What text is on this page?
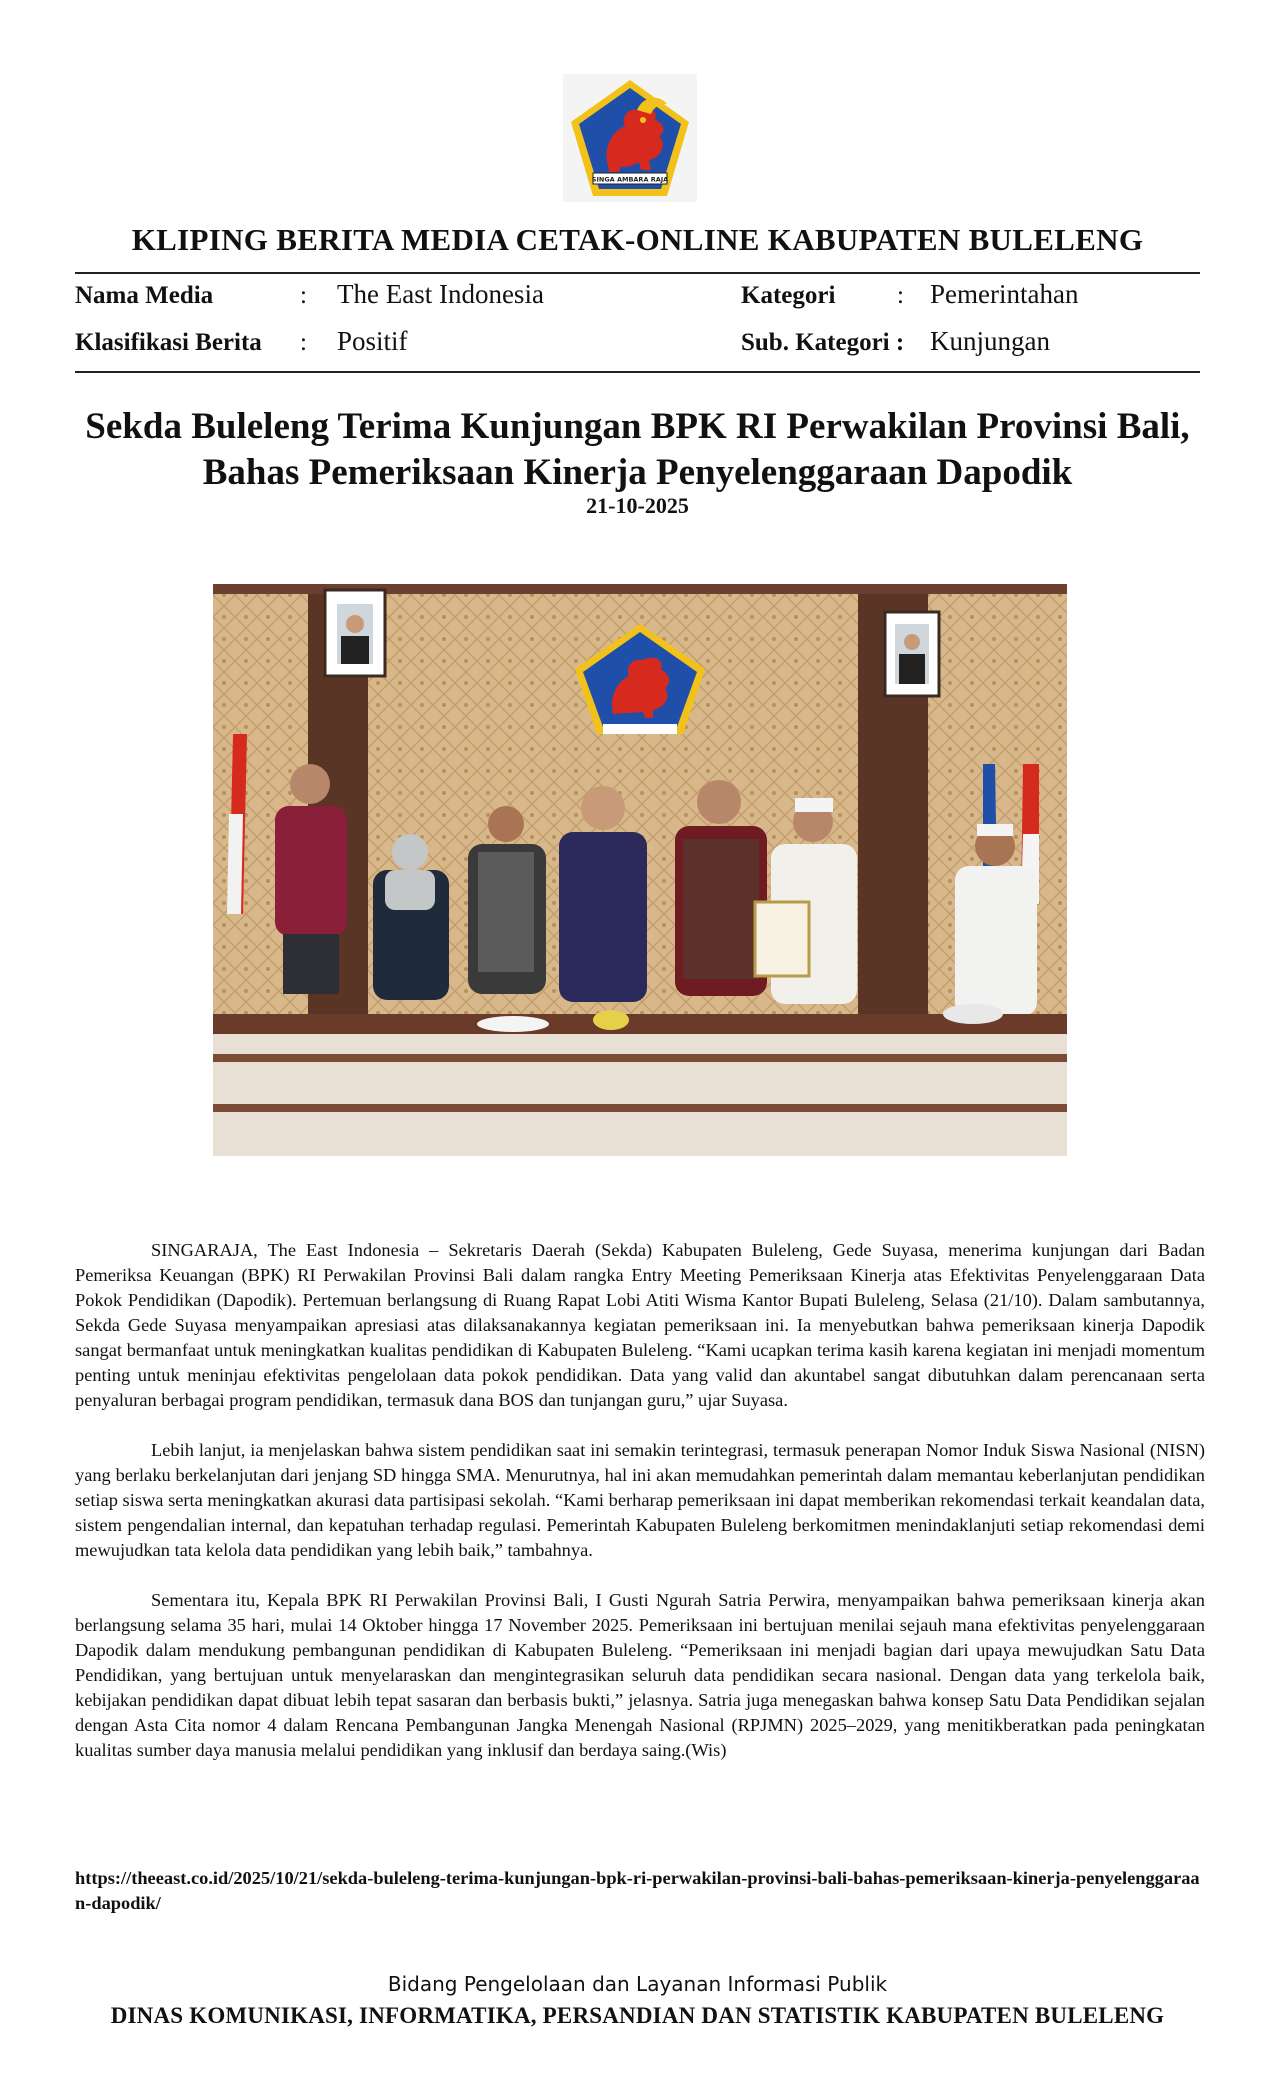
SINGA AMBARA RAJA
KLIPING BERITA MEDIA CETAK-ONLINE KABUPATEN BULELENG
Nama Media	: The East Indonesia	Kategori : Pemerintahan
Klasifikasi Berita : Positif	Sub. Kategori : Kunjungan
Sekda Buleleng Terima Kunjungan BPK RI Perwakilan Provinsi Bali,
Bahas Pemeriksaan Kinerja Penyelenggaraan Dapodik
21-10-2025

SINGARAJA, The East Indonesia – Sekretaris Daerah (Sekda) Kabupaten Buleleng, Gede Suyasa, menerima kunjungan dari Badan Pemeriksa Keuangan (BPK) RI Perwakilan Provinsi Bali dalam rangka Entry Meeting Pemeriksaan Kinerja atas Efektivitas Penyelenggaraan Data Pokok Pendidikan (Dapodik). Pertemuan berlangsung di Ruang Rapat Lobi Atiti Wisma Kantor Bupati Buleleng, Selasa (21/10). Dalam sambutannya, Sekda Gede Suyasa menyampaikan apresiasi atas dilaksanakannya kegiatan pemeriksaan ini. Ia menyebutkan bahwa pemeriksaan kinerja Dapodik sangat bermanfaat untuk meningkatkan kualitas pendidikan di Kabupaten Buleleng. “Kami ucapkan terima kasih karena kegiatan ini menjadi momentum penting untuk meninjau efektivitas pengelolaan data pokok pendidikan. Data yang valid dan akuntabel sangat dibutuhkan dalam perencanaan serta penyaluran berbagai program pendidikan, termasuk dana BOS dan tunjangan guru,” ujar Suyasa.

Lebih lanjut, ia menjelaskan bahwa sistem pendidikan saat ini semakin terintegrasi, termasuk penerapan Nomor Induk Siswa Nasional (NISN) yang berlaku berkelanjutan dari jenjang SD hingga SMA. Menurutnya, hal ini akan memudahkan pemerintah dalam memantau keberlanjutan pendidikan setiap siswa serta meningkatkan akurasi data partisipasi sekolah. “Kami berharap pemeriksaan ini dapat memberikan rekomendasi terkait keandalan data, sistem pengendalian internal, dan kepatuhan terhadap regulasi. Pemerintah Kabupaten Buleleng berkomitmen menindaklanjuti setiap rekomendasi demi mewujudkan tata kelola data pendidikan yang lebih baik,” tambahnya.

Sementara itu, Kepala BPK RI Perwakilan Provinsi Bali, I Gusti Ngurah Satria Perwira, menyampaikan bahwa pemeriksaan kinerja akan berlangsung selama 35 hari, mulai 14 Oktober hingga 17 November 2025. Pemeriksaan ini bertujuan menilai sejauh mana efektivitas penyelenggaraan Dapodik dalam mendukung pembangunan pendidikan di Kabupaten Buleleng. “Pemeriksaan ini menjadi bagian dari upaya mewujudkan Satu Data Pendidikan, yang bertujuan untuk menyelaraskan dan mengintegrasikan seluruh data pendidikan secara nasional. Dengan data yang terkelola baik, kebijakan pendidikan dapat dibuat lebih tepat sasaran dan berbasis bukti,” jelasnya. Satria juga menegaskan bahwa konsep Satu Data Pendidikan sejalan dengan Asta Cita nomor 4 dalam Rencana Pembangunan Jangka Menengah Nasional (RPJMN) 2025–2029, yang menitikberatkan pada peningkatan kualitas sumber daya manusia melalui pendidikan yang inklusif dan berdaya saing.(Wis)

https://theeast.co.id/2025/10/21/sekda-buleleng-terima-kunjungan-bpk-ri-perwakilan-provinsi-bali-bahas-pemeriksaan-kinerja-penyelenggaraan-dapodik/
Bidang Pengelolaan dan Layanan Informasi Publik
DINAS KOMUNIKASI, INFORMATIKA, PERSANDIAN DAN STATISTIK KABUPATEN BULELENG
